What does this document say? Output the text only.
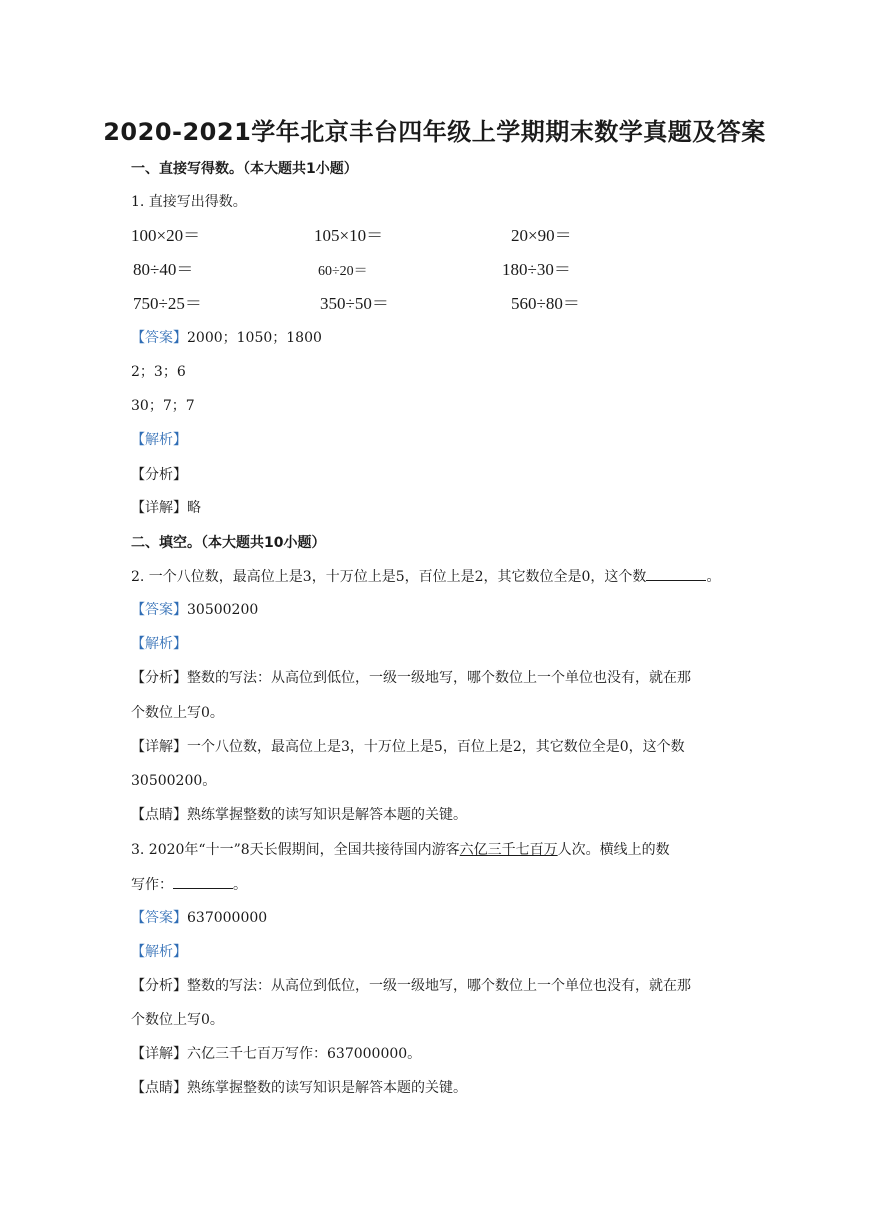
2020-2021学年北京丰台四年级上学期期末数学真题及答案
一、直接写得数。（本大题共1小题）
1. 直接写出得数。
100×20＝	105×10＝	20×90＝
80÷40＝	60÷20＝	180÷30＝
750÷25＝	350÷50＝	560÷80＝
【答案】2000；1050；1800
2；3；6
30；7；7
【解析】
【分析】
【详解】略
二、填空。（本大题共10小题）
2. 一个八位数，最高位上是3，十万位上是5，百位上是2，其它数位全是0，这个数	。
【答案】30500200
【解析】
【分析】整数的写法：从高位到低位，一级一级地写，哪个数位上一个单位也没有，就在那
个数位上写0。
【详解】一个八位数，最高位上是3，十万位上是5，百位上是2，其它数位全是0，这个数
30500200。
【点睛】熟练掌握整数的读写知识是解答本题的关键。
3. 2020年“十一”8天长假期间，全国共接待国内游客六亿三千七百万人次。横线上的数
写作：	。
【答案】637000000
【解析】
【分析】整数的写法：从高位到低位，一级一级地写，哪个数位上一个单位也没有，就在那
个数位上写0。
【详解】六亿三千七百万写作：637000000。
【点睛】熟练掌握整数的读写知识是解答本题的关键。
